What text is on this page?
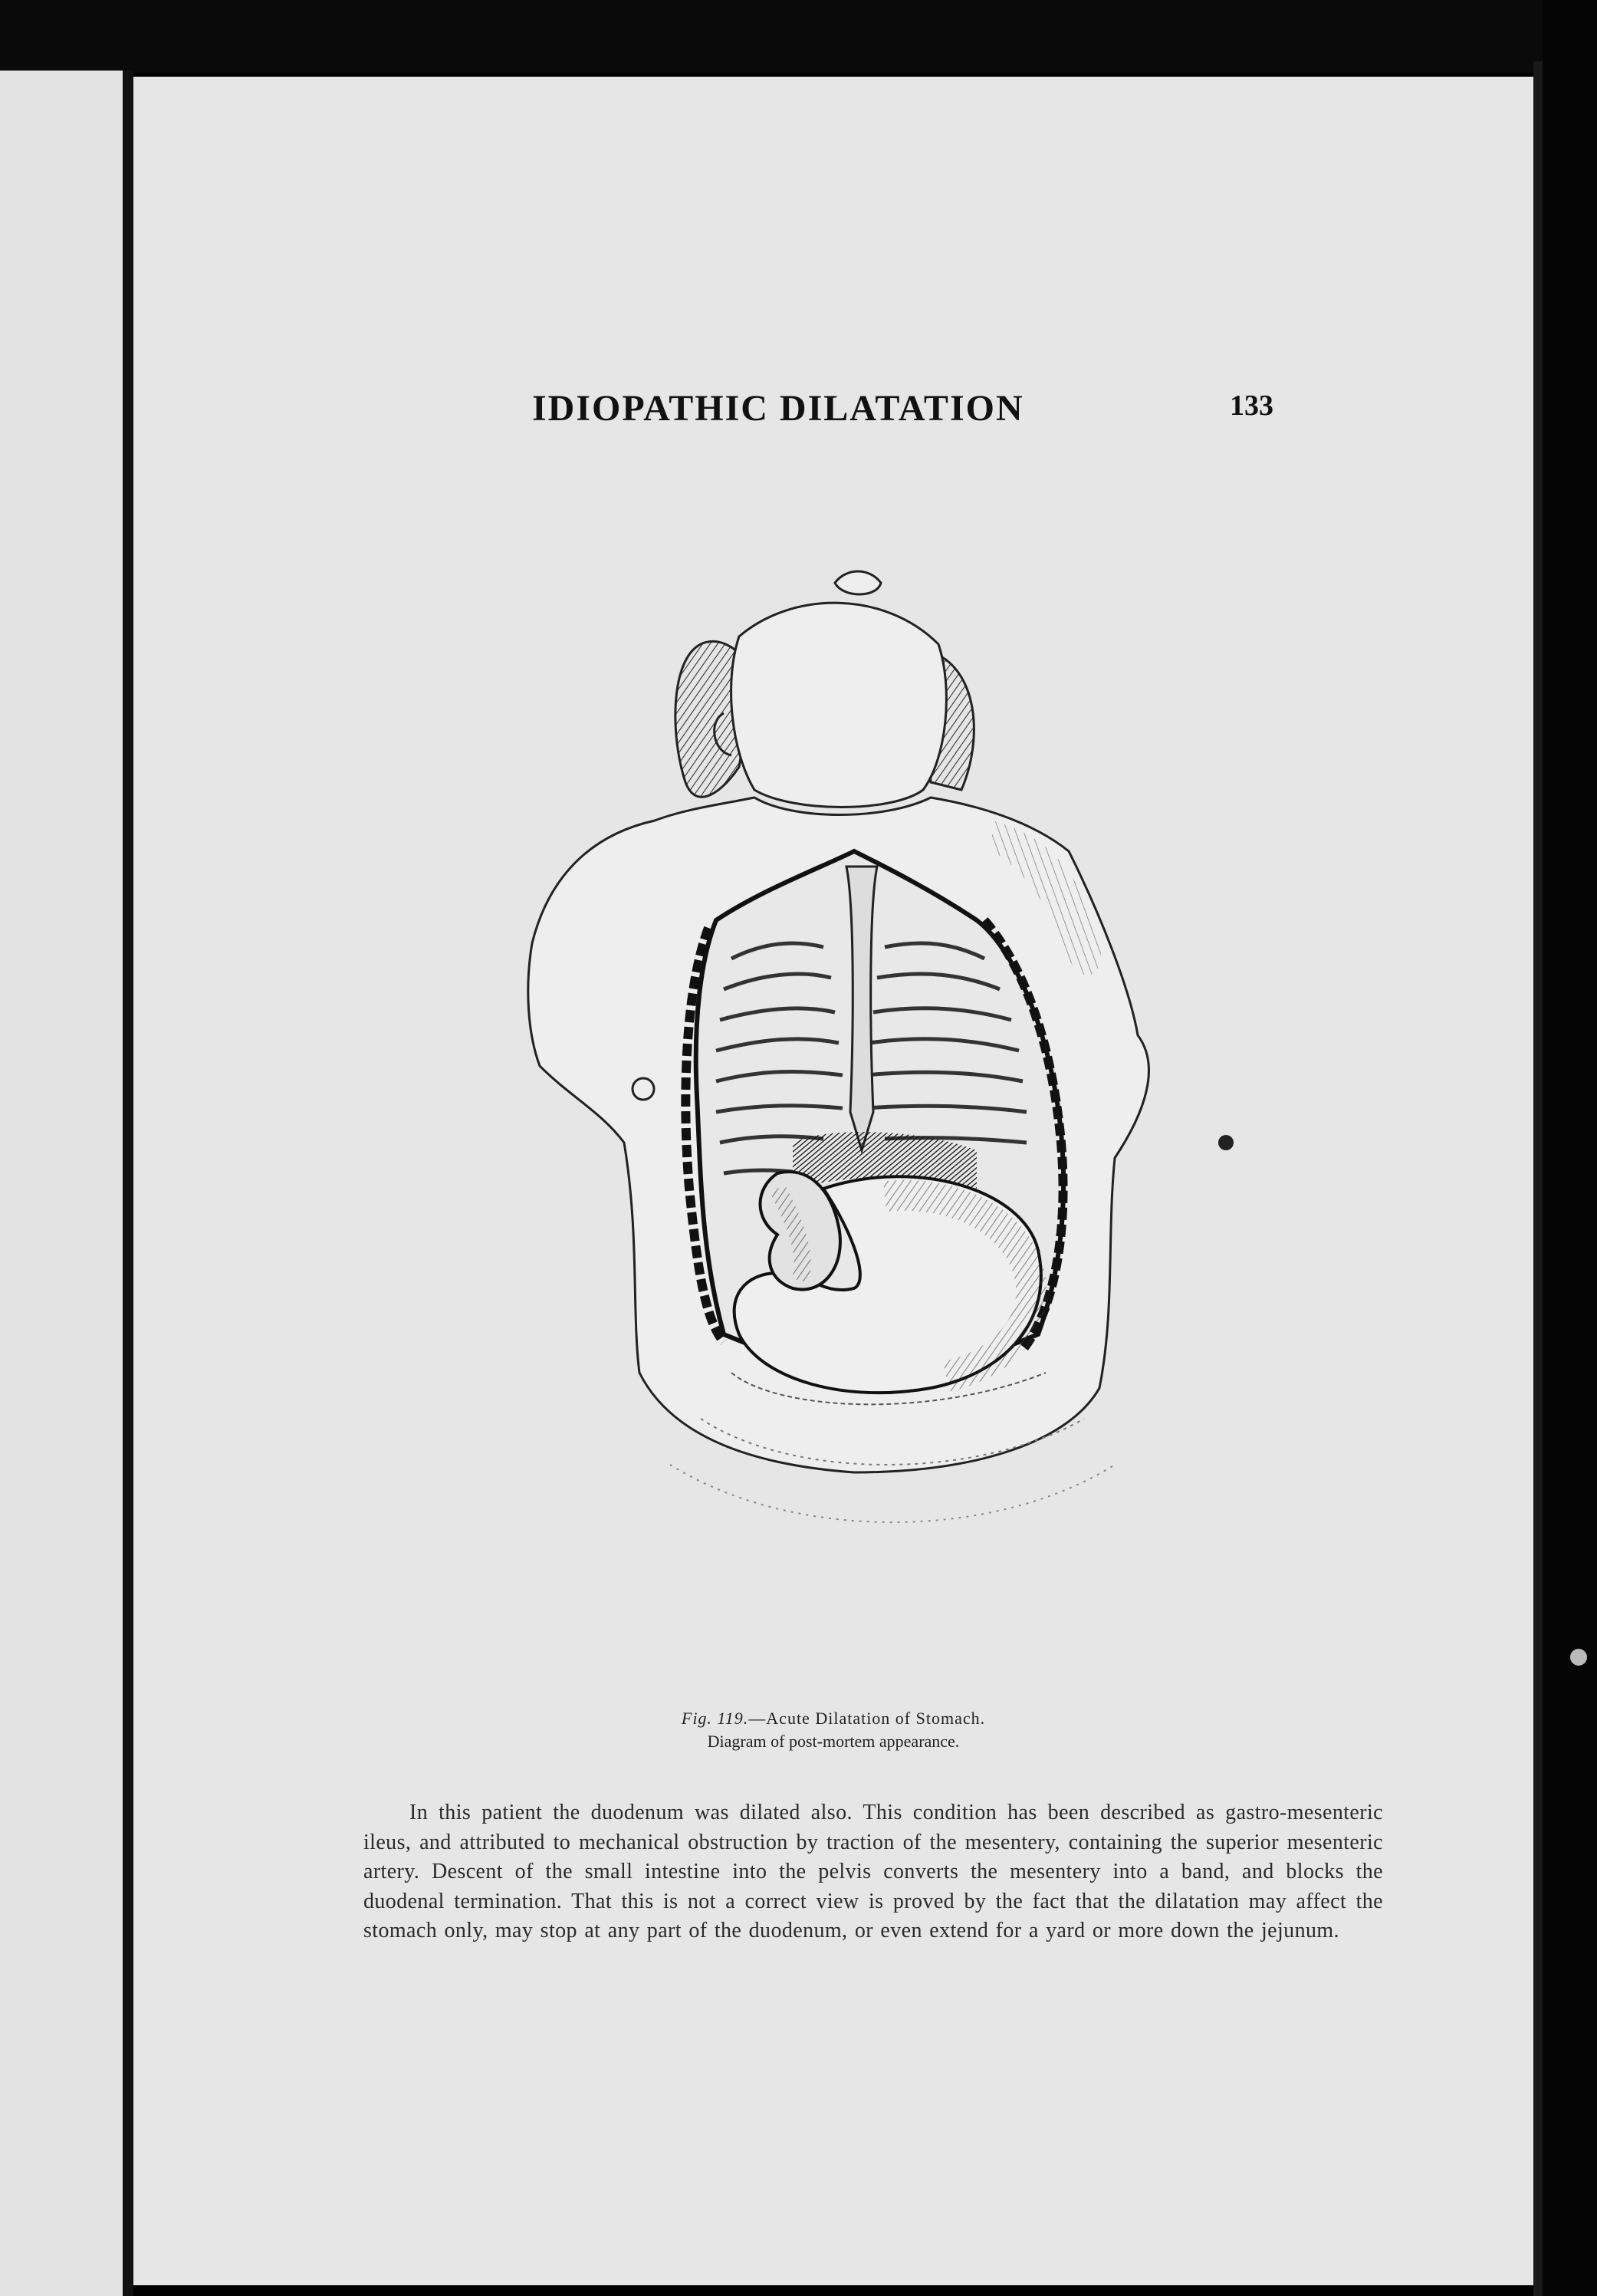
IDIOPATHIC DILATATION	133
Fig. 119.—Acute Dilatation of Stomach.
Diagram of post-mortem appearance.
In this patient the duodenum was dilated also. This condition has been described as gastro-mesenteric ileus, and attributed to mechanical obstruction by traction of the mesentery, containing the superior mesenteric artery. Descent of the small intestine into the pelvis converts the mesentery into a band, and blocks the duodenal termination. That this is not a correct view is proved by the fact that the dilatation may affect the stomach only, may stop at any part of the duodenum, or even extend for a yard or more down the jejunum.
